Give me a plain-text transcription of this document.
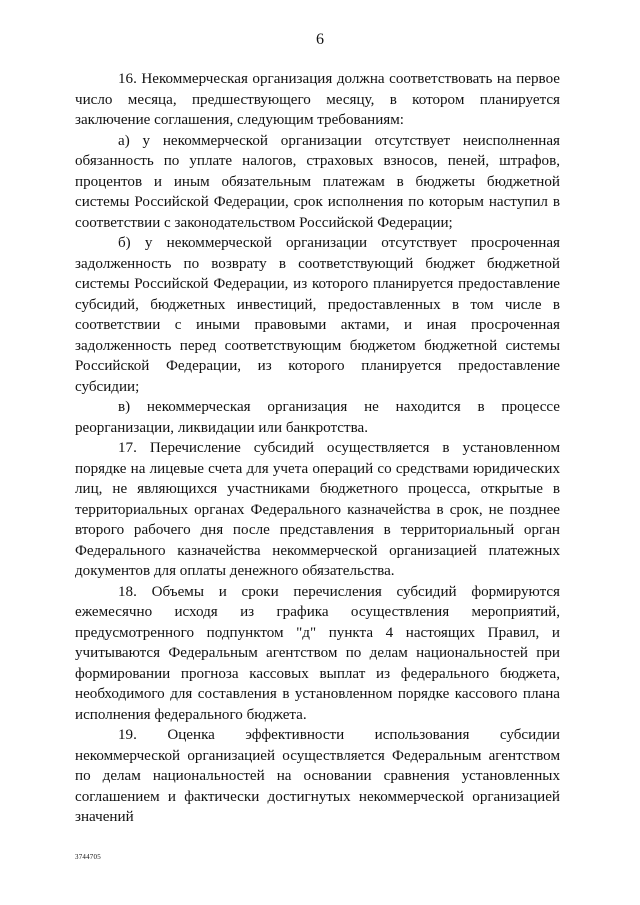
6

16. Некоммерческая организация должна соответствовать на первое число месяца, предшествующего месяцу, в котором планируется заключение соглашения, следующим требованиям:

а) у некоммерческой организации отсутствует неисполненная обязанность по уплате налогов, страховых взносов, пеней, штрафов, процентов и иным обязательным платежам в бюджеты бюджетной системы Российской Федерации, срок исполнения по которым наступил в соответствии с законодательством Российской Федерации;

б) у некоммерческой организации отсутствует просроченная задолженность по возврату в соответствующий бюджет бюджетной системы Российской Федерации, из которого планируется предоставление субсидий, бюджетных инвестиций, предоставленных в том числе в соответствии с иными правовыми актами, и иная просроченная задолженность перед соответствующим бюджетом бюджетной системы Российской Федерации, из которого планируется предоставление субсидии;

в) некоммерческая организация не находится в процессе реорганизации, ликвидации или банкротства.

17. Перечисление субсидий осуществляется в установленном порядке на лицевые счета для учета операций со средствами юридических лиц, не являющихся участниками бюджетного процесса, открытые в территориальных органах Федерального казначейства в срок, не позднее второго рабочего дня после представления в территориальный орган Федерального казначейства некоммерческой организацией платежных документов для оплаты денежного обязательства.

18. Объемы и сроки перечисления субсидий формируются ежемесячно исходя из графика осуществления мероприятий, предусмотренного подпунктом "д" пункта 4 настоящих Правил, и учитываются Федеральным агентством по делам национальностей при формировании прогноза кассовых выплат из федерального бюджета, необходимого для составления в установленном порядке кассового плана исполнения федерального бюджета.

19. Оценка эффективности использования субсидии некоммерческой организацией осуществляется Федеральным агентством по делам национальностей на основании сравнения установленных соглашением и фактически достигнутых некоммерческой организацией значений

3744705
